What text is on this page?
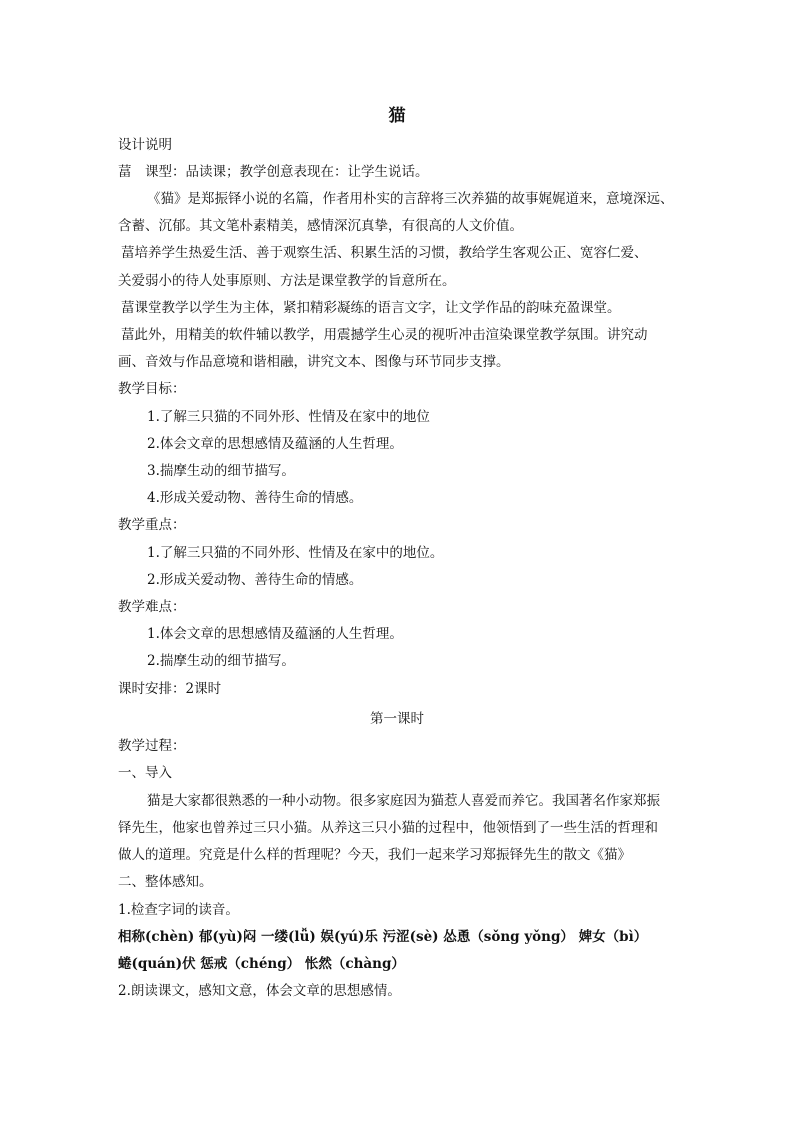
猫
设计说明
葍　课型：品读课；教学创意表现在：让学生说话。
《猫》是郑振铎小说的名篇，作者用朴实的言辞将三次养猫的故事娓娓道来，意境深远、
含蓄、沉郁。其文笔朴素精美，感情深沉真挚，有很高的人文价值。
葍培养学生热爱生活、善于观察生活、积累生活的习惯，教给学生客观公正、宽容仁爱、
关爱弱小的待人处事原则、方法是课堂教学的旨意所在。
葍课堂教学以学生为主体，紧扣精彩凝练的语言文字，让文学作品的韵味充盈课堂。
葍此外，用精美的软件辅以教学，用震撼学生心灵的视听冲击渲染课堂教学氛围。讲究动
画、音效与作品意境和谐相融，讲究文本、图像与环节同步支撑。
教学目标：
1.了解三只猫的不同外形、性情及在家中的地位
2.体会文章的思想感情及蕴涵的人生哲理。
3.揣摩生动的细节描写。
4.形成关爱动物、善待生命的情感。
教学重点：
1.了解三只猫的不同外形、性情及在家中的地位。
2.形成关爱动物、善待生命的情感。
教学难点：
1.体会文章的思想感情及蕴涵的人生哲理。
2.揣摩生动的细节描写。
课时安排：2课时
第一课时
教学过程：
一、导入
猫是大家都很熟悉的一种小动物。很多家庭因为猫惹人喜爱而养它。我国著名作家郑振
铎先生，他家也曾养过三只小猫。从养这三只小猫的过程中，他领悟到了一些生活的哲理和
做人的道理。究竟是什么样的哲理呢？今天，我们一起来学习郑振铎先生的散文《猫》
二、整体感知。
1.检查字词的读音。
相称(chèn) 郁(yù)闷 一缕(lǚ) 娱(yú)乐 污涩(sè) 怂恿（sǒng yǒng） 婢女（bì）
蜷(quán)伏 惩戒（chéng） 怅然（chàng）
2.朗读课文，感知文意，体会文章的思想感情。
